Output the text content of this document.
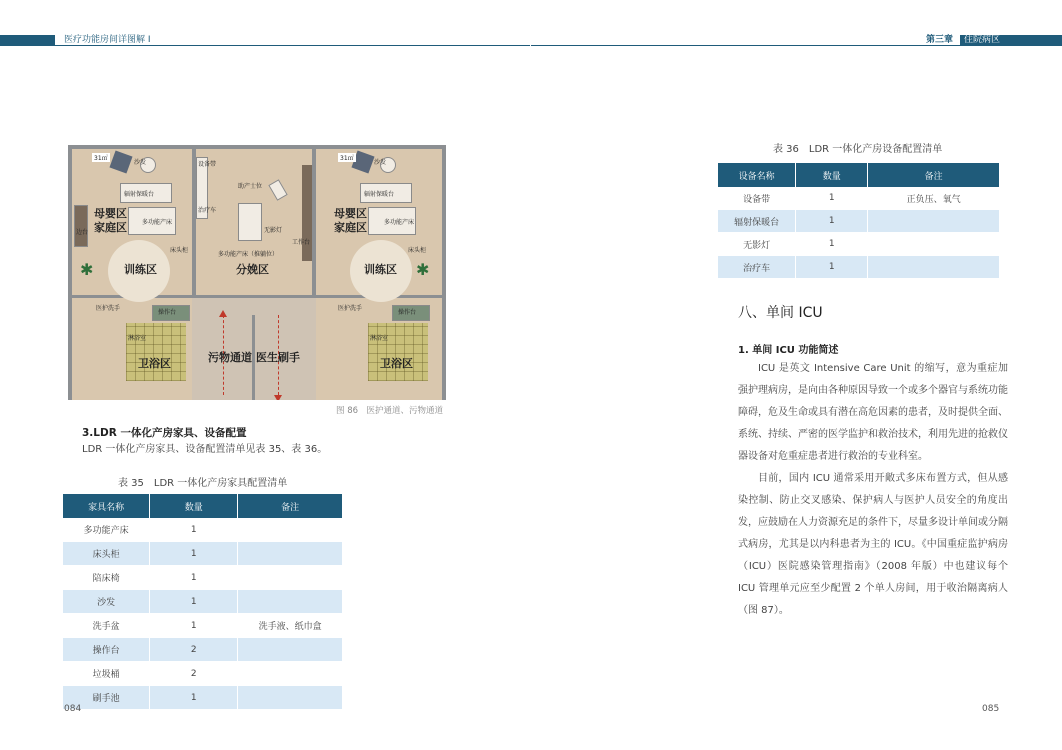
医疗功能房间详图解 I	第三章	住院病区
✱	✱
31㎡	31㎡
沙发	沙发
辐射保暖台	辐射保暖台
多功能产床	多功能产床
床头柜	床头柜
边台
设备带
治疗车
助产士位
无影灯
多功能产床（推躺位）
工作台
医护洗手	医护洗手
操作台	操作台
淋浴室	淋浴室
母婴区
家庭区
母婴区
家庭区
训练区	训练区
分娩区
卫浴区	卫浴区
污物通道 医生刷手
图 86　医护通道、污物通道
3.LDR 一体化产房家具、设备配置
LDR 一体化产房家具、设备配置清单见表 35、表 36。
表 35　LDR 一体化产房家具配置清单
家具名称	数量	备注
多功能产床	1	
床头柜	1	
陪床椅	1	
沙发	1	
洗手盆	1	洗手液、纸巾盒
操作台	2	
垃圾桶	2	
刷手池	1	
表 36　LDR 一体化产房设备配置清单
设备名称	数量	备注
设备带	1	正负压、氧气
辐射保暖台	1	
无影灯	1	
治疗车	1	
八、单间 ICU
1. 单间 ICU 功能简述

ICU 是英文 Intensive Care Unit 的缩写，意为重症加强护理病房，是向由各种原因导致一个或多个器官与系统功能障碍，危及生命或具有潜在高危因素的患者，及时提供全面、系统、持续、严密的医学监护和救治技术，利用先进的抢救仪器设备对危重症患者进行救治的专业科室。

目前，国内 ICU 通常采用开敞式多床布置方式，但从感染控制、防止交叉感染、保护病人与医护人员安全的角度出发，应鼓励在人力资源充足的条件下，尽量多设计单间或分隔式病房，尤其是以内科患者为主的 ICU。《中国重症监护病房（ICU）医院感染管理指南》（2008 年版）中也建议每个 ICU 管理单元应至少配置 2 个单人房间，用于收治隔离病人（图 87）。

084	085
